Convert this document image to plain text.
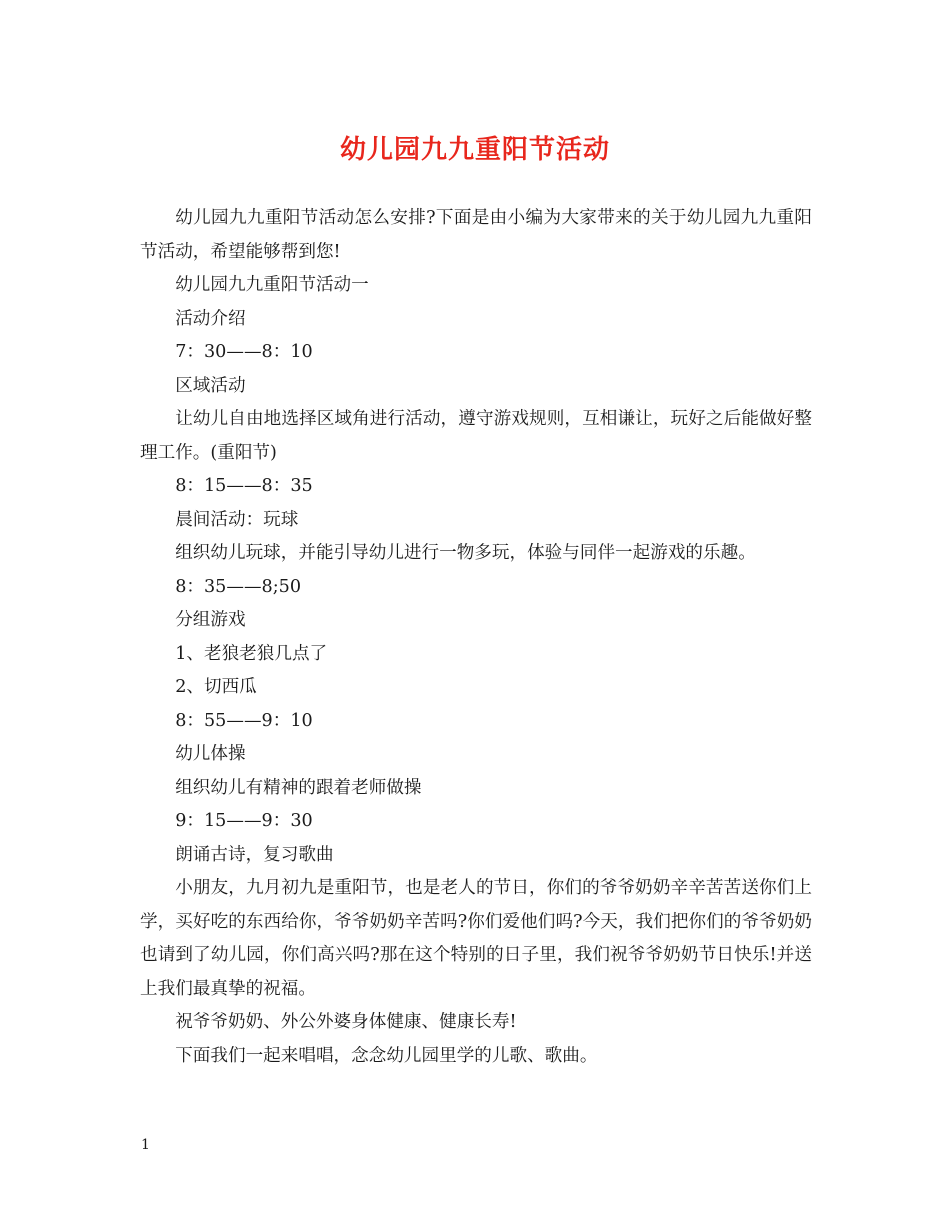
幼儿园九九重阳节活动

幼儿园九九重阳节活动怎么安排?下面是由小编为大家带来的关于幼儿园九九重阳节活动，希望能够帮到您!

幼儿园九九重阳节活动一

活动介绍

7：30——8：10

区域活动

让幼儿自由地选择区域角进行活动，遵守游戏规则，互相谦让，玩好之后能做好整理工作。(重阳节)

8：15——8：35

晨间活动：玩球

组织幼儿玩球，并能引导幼儿进行一物多玩，体验与同伴一起游戏的乐趣。

8：35——8;50

分组游戏

1、老狼老狼几点了

2、切西瓜

8：55——9：10

幼儿体操

组织幼儿有精神的跟着老师做操

9：15——9：30

朗诵古诗，复习歌曲

小朋友，九月初九是重阳节，也是老人的节日，你们的爷爷奶奶辛辛苦苦送你们上学，买好吃的东西给你，爷爷奶奶辛苦吗?你们爱他们吗?今天，我们把你们的爷爷奶奶也请到了幼儿园，你们高兴吗?那在这个特别的日子里，我们祝爷爷奶奶节日快乐!并送上我们最真挚的祝福。

祝爷爷奶奶、外公外婆身体健康、健康长寿!

下面我们一起来唱唱，念念幼儿园里学的儿歌、歌曲。

1
